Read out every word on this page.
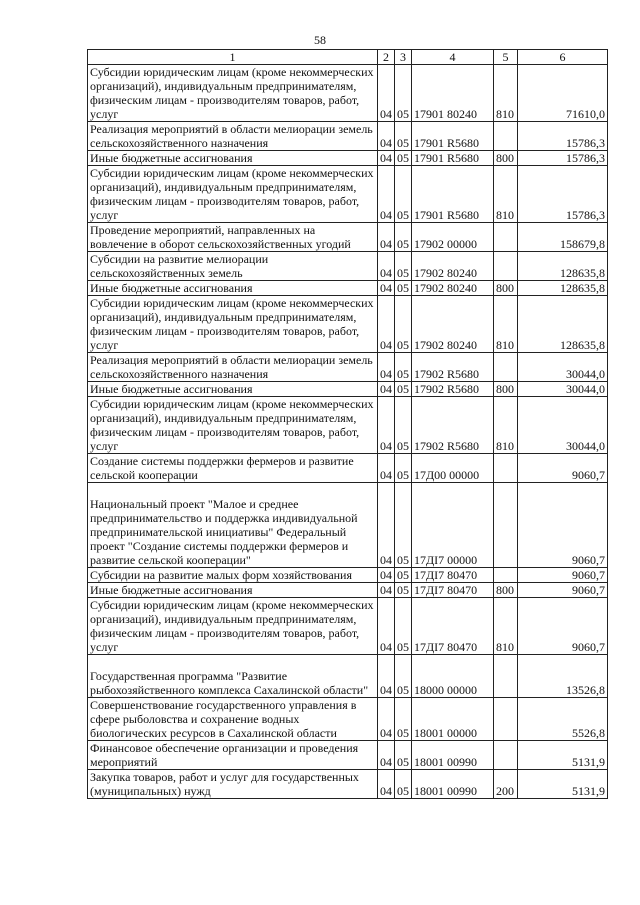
58
1	2	3	4	5	6
Субсидии юридическим лицам (кроме некоммерческих организаций), индивидуальным предпринимателям, физическим лицам - производителям товаров, работ, услуг	04	05	17901 80240	810	71610,0
Реализация мероприятий в области мелиорации земель сельскохозяйственного назначения	04	05	17901 R5680		15786,3
Иные бюджетные ассигнования	04	05	17901 R5680	800	15786,3
Субсидии юридическим лицам (кроме некоммерческих организаций), индивидуальным предпринимателям, физическим лицам - производителям товаров, работ, услуг	04	05	17901 R5680	810	15786,3
Проведение мероприятий, направленных на вовлечение в оборот сельскохозяйственных угодий	04	05	17902 00000		158679,8
Субсидии на развитие мелиорации сельскохозяйственных земель	04	05	17902 80240		128635,8
Иные бюджетные ассигнования	04	05	17902 80240	800	128635,8
Субсидии юридическим лицам (кроме некоммерческих организаций), индивидуальным предпринимателям, физическим лицам - производителям товаров, работ, услуг	04	05	17902 80240	810	128635,8
Реализация мероприятий в области мелиорации земель сельскохозяйственного назначения	04	05	17902 R5680		30044,0
Иные бюджетные ассигнования	04	05	17902 R5680	800	30044,0
Субсидии юридическим лицам (кроме некоммерческих организаций), индивидуальным предпринимателям, физическим лицам - производителям товаров, работ, услуг	04	05	17902 R5680	810	30044,0
Создание системы поддержки фермеров и развитие сельской кооперации	04	05	17Д00 00000		9060,7
Национальный проект "Малое и среднее предпринимательство и поддержка индивидуальной предпринимательской инициативы" Федеральный проект "Создание системы поддержки фермеров и развитие сельской кооперации"	04	05	17ДI7 00000		9060,7
Субсидии на развитие малых форм хозяйствования	04	05	17ДI7 80470		9060,7
Иные бюджетные ассигнования	04	05	17ДI7 80470	800	9060,7
Субсидии юридическим лицам (кроме некоммерческих организаций), индивидуальным предпринимателям, физическим лицам - производителям товаров, работ, услуг	04	05	17ДI7 80470	810	9060,7
Государственная программа "Развитие рыбохозяйственного комплекса Сахалинской области"	04	05	18000 00000		13526,8
Совершенствование государственного управления в сфере рыболовства и сохранение водных биологических ресурсов в Сахалинской области	04	05	18001 00000		5526,8
Финансовое обеспечение организации и проведения мероприятий	04	05	18001 00990		5131,9
Закупка товаров, работ и услуг для государственных (муниципальных) нужд	04	05	18001 00990	200	5131,9
